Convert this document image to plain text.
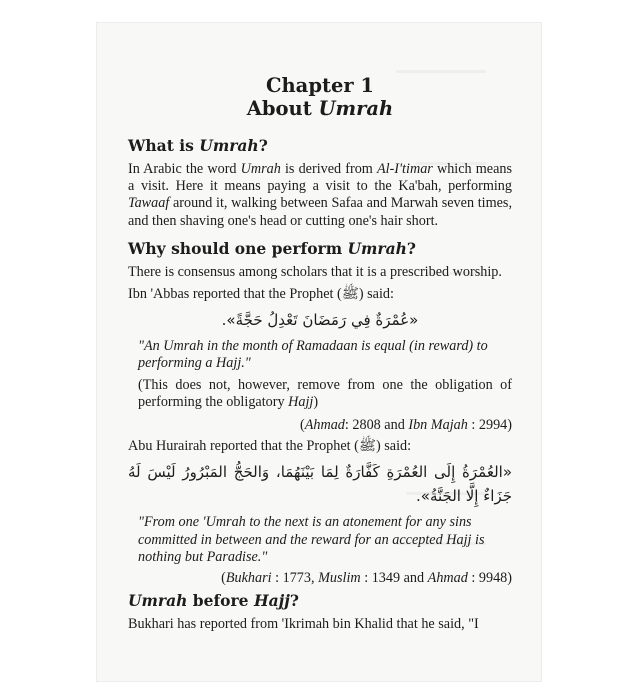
Chapter 1
About Umrah
What is Umrah?

In Arabic the word Umrah is derived from Al-I'timar which means a visit. Here it means paying a visit to the Ka'bah, performing Tawaaf around it, walking between Safaa and Marwah seven times, and then shaving one's head or cutting one's hair short.

Why should one perform Umrah?

There is consensus among scholars that it is a prescribed worship.

Ibn 'Abbas reported that the Prophet (ﷺ) said:

«عُمْرَةٌ فِي رَمَضَانَ تَعْدِلُ حَجَّةً».

"An Umrah in the month of Ramadaan is equal (in reward) to performing a Hajj."

(This does not, however, remove from one the obligation of performing the obligatory Hajj)

(Ahmad: 2808 and Ibn Majah : 2994)

Abu Hurairah reported that the Prophet (ﷺ) said:

«العُمْرَةُ إِلَى العُمْرَةِ كَفَّارَةٌ لِمَا بَيْنَهُمَا، وَالحَجُّ المَبْرُورُ لَيْسَ لَهُ جَزَاءٌ إِلَّا الجَنَّةُ».

"From one 'Umrah to the next is an atonement for any sins committed in between and the reward for an accepted Hajj is nothing but Paradise."

(Bukhari : 1773, Muslim : 1349 and Ahmad : 9948)

Umrah before Hajj?

Bukhari has reported from 'Ikrimah bin Khalid that he said, "I
